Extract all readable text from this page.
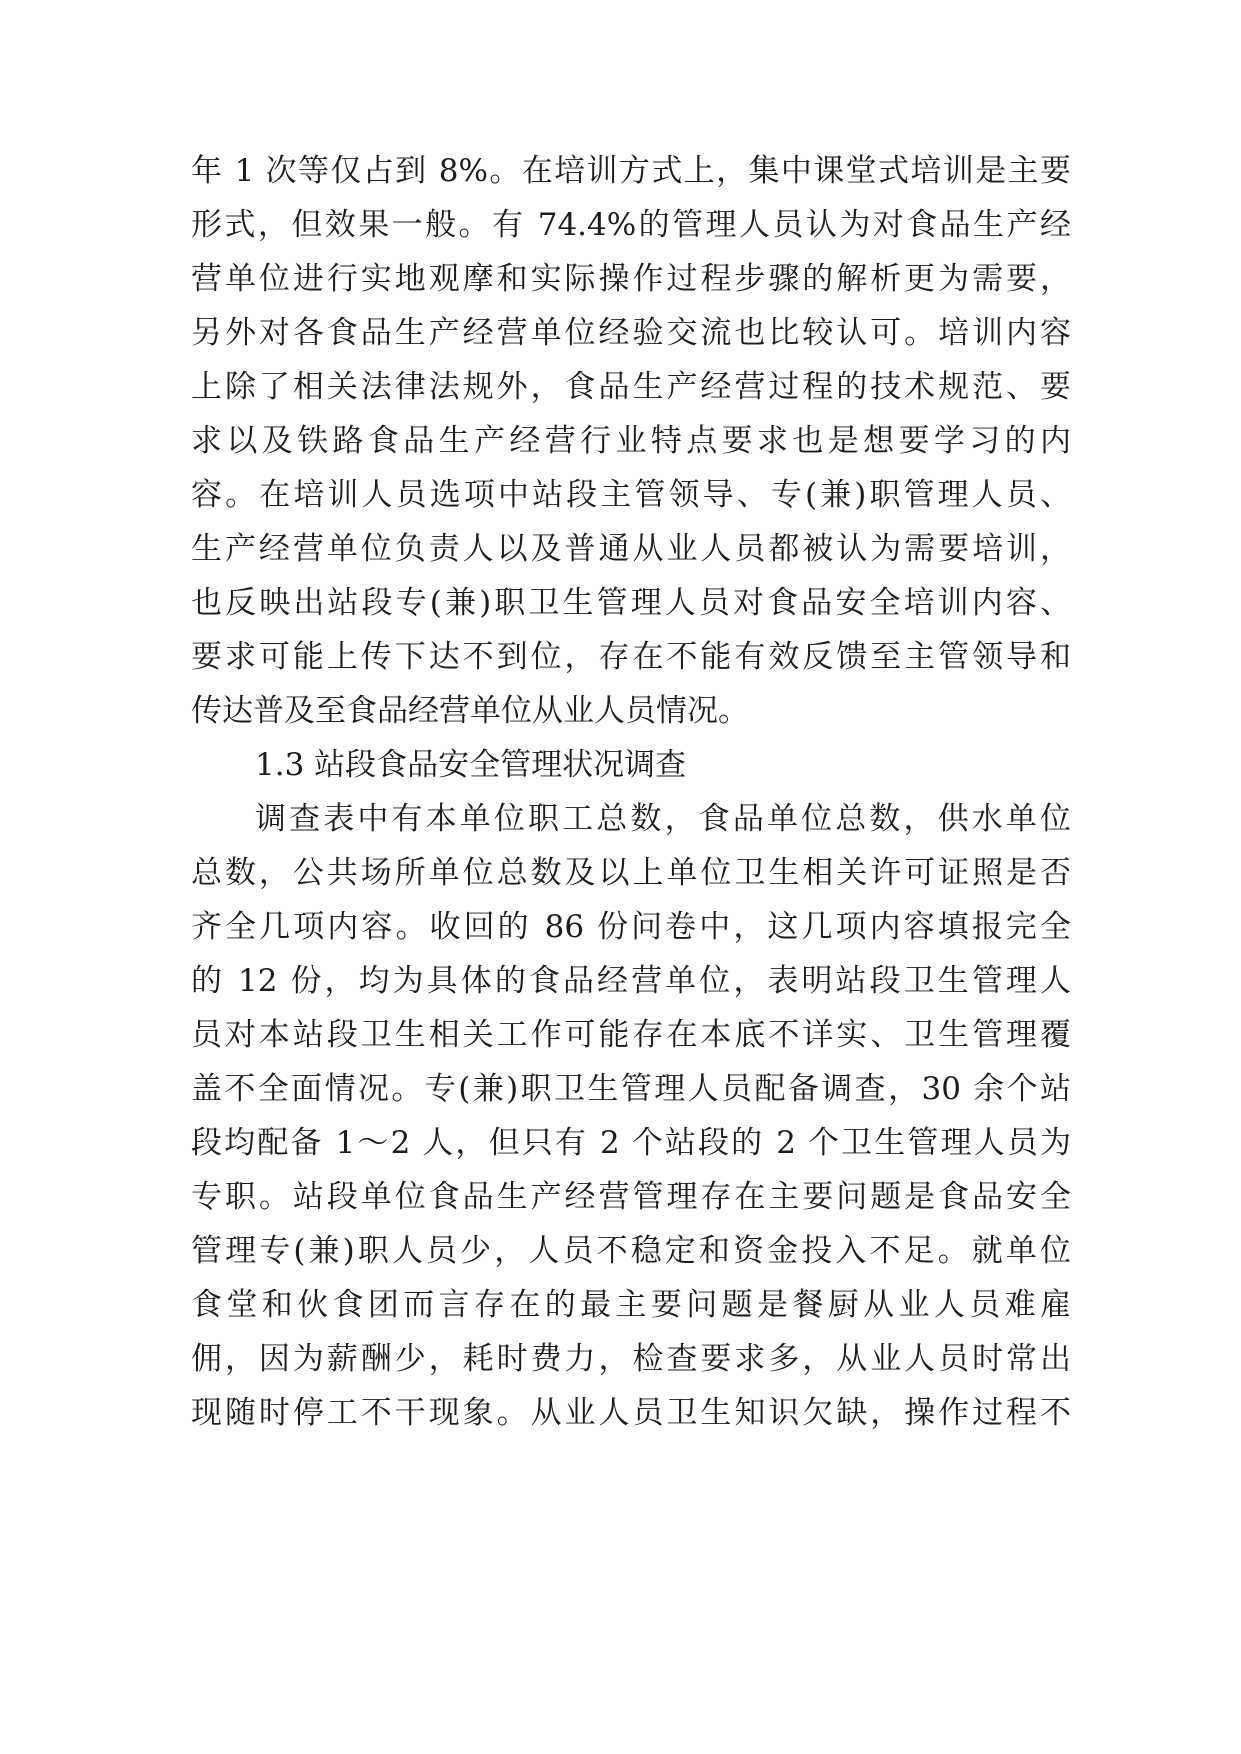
年 1 次等仅占到 8%。在培训方式上，集中课堂式培训是主要
形式，但效果一般。有 74.4%的管理人员认为对食品生产经
营单位进行实地观摩和实际操作过程步骤的解析更为需要，
另外对各食品生产经营单位经验交流也比较认可。培训内容
上除了相关法律法规外，食品生产经营过程的技术规范、要
求以及铁路食品生产经营行业特点要求也是想要学习的内
容。在培训人员选项中站段主管领导、专(兼)职管理人员、
生产经营单位负责人以及普通从业人员都被认为需要培训，
也反映出站段专(兼)职卫生管理人员对食品安全培训内容、
要求可能上传下达不到位，存在不能有效反馈至主管领导和
传达普及至食品经营单位从业人员情况。
1.3 站段食品安全管理状况调查
调查表中有本单位职工总数，食品单位总数，供水单位
总数，公共场所单位总数及以上单位卫生相关许可证照是否
齐全几项内容。收回的 86 份问卷中，这几项内容填报完全
的 12 份，均为具体的食品经营单位，表明站段卫生管理人
员对本站段卫生相关工作可能存在本底不详实、卫生管理覆
盖不全面情况。专(兼)职卫生管理人员配备调查，30 余个站
段均配备 1～2 人，但只有 2 个站段的 2 个卫生管理人员为
专职。站段单位食品生产经营管理存在主要问题是食品安全
管理专(兼)职人员少，人员不稳定和资金投入不足。就单位
食堂和伙食团而言存在的最主要问题是餐厨从业人员难雇
佣，因为薪酬少，耗时费力，检查要求多，从业人员时常出
现随时停工不干现象。从业人员卫生知识欠缺，操作过程不
